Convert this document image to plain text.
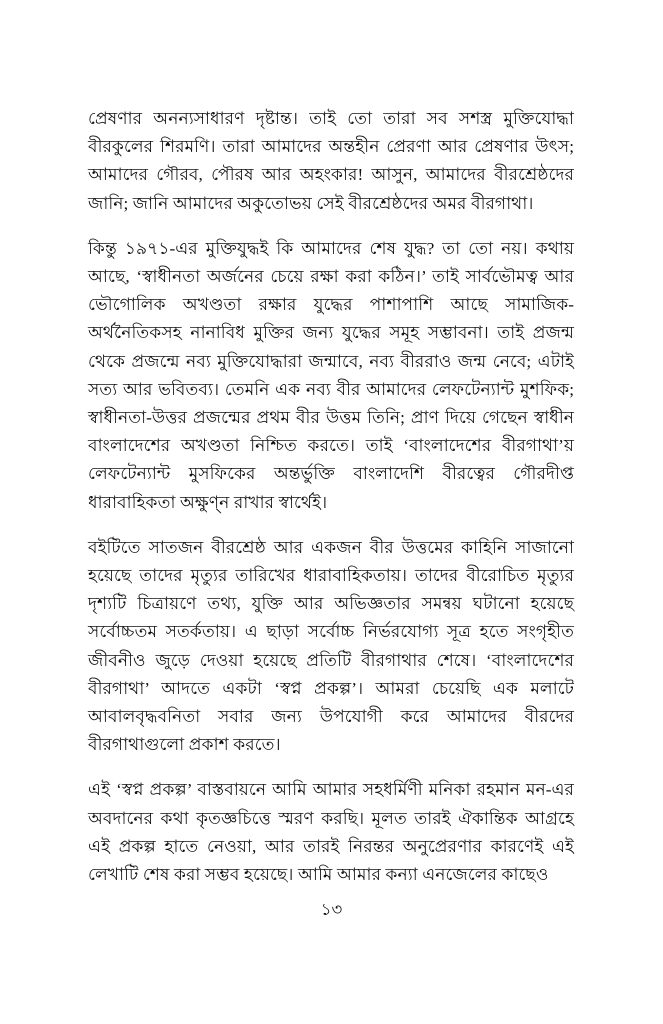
প্রেষণার অনন্যসাধারণ দৃষ্টান্ত। তাই তো তারা সব সশস্ত্র মুক্তিযোদ্ধা বীরকুলের শিরমণি। তারা আমাদের অন্তহীন প্রেরণা আর প্রেষণার উৎস; আমাদের গৌরব, পৌরষ আর অহংকার! আসুন, আমাদের বীরশ্রেষ্ঠদের জানি; জানি আমাদের অকুতোভয় সেই বীরশ্রেষ্ঠদের অমর বীরগাথা।

কিন্তু ১৯৭১-এর মুক্তিযুদ্ধই কি আমাদের শেষ যুদ্ধ? তা তো নয়। কথায় আছে, ‘স্বাধীনতা অর্জনের চেয়ে রক্ষা করা কঠিন।’ তাই সার্বভৌমত্ব আর ভৌগোলিক অখণ্ডতা রক্ষার যুদ্ধের পাশাপাশি আছে সামাজিক-অর্থনৈতিকসহ নানাবিধ মুক্তির জন্য যুদ্ধের সমূহ সম্ভাবনা। তাই প্রজন্ম থেকে প্রজন্মে নব্য মুক্তিযোদ্ধারা জন্মাবে, নব্য বীররাও জন্ম নেবে; এটাই সত্য আর ভবিতব্য। তেমনি এক নব্য বীর আমাদের লেফটেন্যান্ট মুশফিক; স্বাধীনতা-উত্তর প্রজন্মের প্রথম বীর উত্তম তিনি; প্রাণ দিয়ে গেছেন স্বাধীন বাংলাদেশের অখণ্ডতা নিশ্চিত করতে। তাই ‘বাংলাদেশের বীরগাথা’য় লেফটেন্যান্ট মুসফিকের অন্তর্ভুক্তি বাংলাদেশি বীরত্বের গৌরদীপ্ত ধারাবাহিকতা অক্ষুণ্ন রাখার স্বার্থেই।

বইটিতে সাতজন বীরশ্রেষ্ঠ আর একজন বীর উত্তমের কাহিনি সাজানো হয়েছে তাদের মৃত্যুর তারিখের ধারাবাহিকতায়। তাদের বীরোচিত মৃত্যুর দৃশ্যটি চিত্রায়ণে তথ্য, যুক্তি আর অভিজ্ঞতার সমন্বয় ঘটানো হয়েছে সর্বোচ্চতম সতর্কতায়। এ ছাড়া সর্বোচ্চ নির্ভরযোগ্য সূত্র হতে সংগৃহীত জীবনীও জুড়ে দেওয়া হয়েছে প্রতিটি বীরগাথার শেষে। ‘বাংলাদেশের বীরগাথা’ আদতে একটা ‘স্বপ্ন প্রকল্প’। আমরা চেয়েছি এক মলাটে আবালবৃদ্ধবনিতা সবার জন্য উপযোগী করে আমাদের বীরদের বীরগাথাগুলো প্রকাশ করতে।

এই ‘স্বপ্ন প্রকল্প’ বাস্তবায়নে আমি আমার সহধর্মিণী মনিকা রহমান মন-এর অবদানের কথা কৃতজ্ঞচিত্তে স্মরণ করছি। মূলত তারই ঐকান্তিক আগ্রহে এই প্রকল্প হাতে নেওয়া, আর তারই নিরন্তর অনুপ্রেরণার কারণেই এই লেখাটি শেষ করা সম্ভব হয়েছে। আমি আমার কন্যা এনজেলের কাছেও

১৩
